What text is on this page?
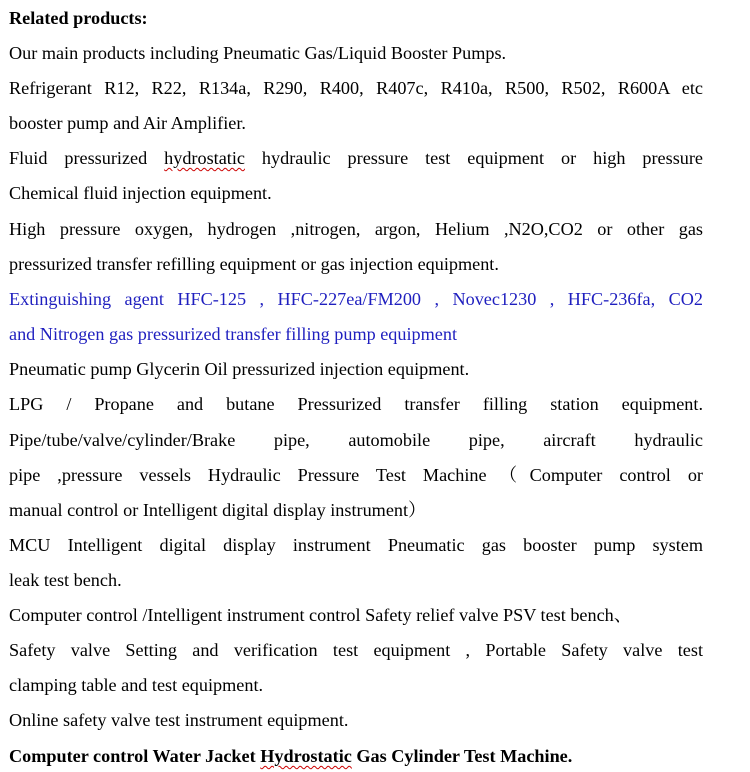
Related products:
Our main products including Pneumatic Gas/Liquid Booster Pumps.
Refrigerant R12, R22, R134a, R290, R400, R407c, R410a, R500, R502, R600A etc
booster pump and Air Amplifier.
Fluid pressurized hydrostatic hydraulic pressure test equipment or high pressure
Chemical fluid injection equipment.
High pressure oxygen, hydrogen ,nitrogen, argon, Helium ,N2O,CO2 or other gas
pressurized transfer refilling equipment or gas injection equipment.
Extinguishing agent HFC-125 , HFC-227ea/FM200 , Novec1230 , HFC-236fa, CO2
and Nitrogen gas pressurized transfer filling pump equipment
Pneumatic pump Glycerin Oil pressurized injection equipment.
LPG / Propane and butane Pressurized transfer filling station equipment.
Pipe/tube/valve/cylinder/Brake pipe, automobile pipe, aircraft hydraulic
pipe ,pressure vessels Hydraulic Pressure Test Machine（Computer control or
manual control or Intelligent digital display instrument）
MCU Intelligent digital display instrument Pneumatic gas booster pump system
leak test bench.
Computer control /Intelligent instrument control Safety relief valve PSV test bench、
Safety valve Setting and verification test equipment , Portable Safety valve test
clamping table and test equipment.
Online safety valve test instrument equipment.
Computer control Water Jacket Hydrostatic Gas Cylinder Test Machine.
